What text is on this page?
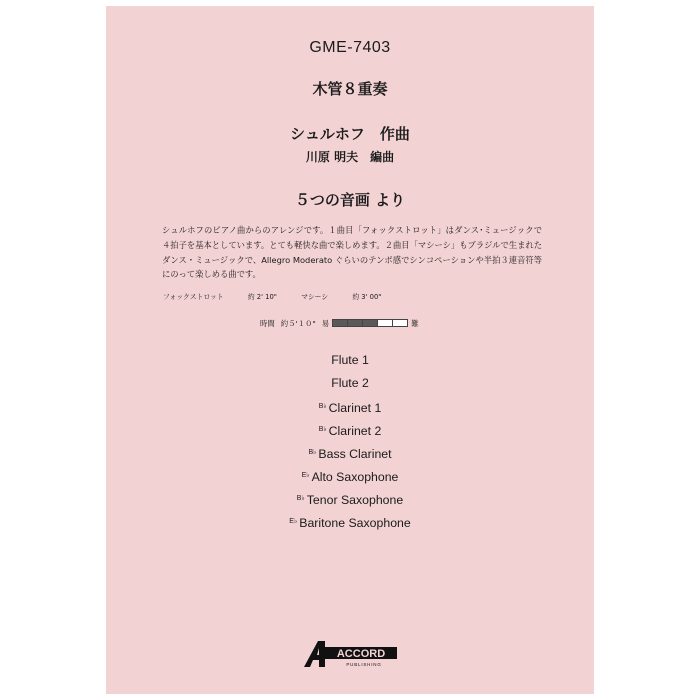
GME-7403
木管８重奏
シュルホフ　作曲
川原 明夫　編曲
５つの音画 より

シュルホフのピアノ曲からのアレンジです。１曲目「フォックストロット」はダンス･ミュージックで４拍子を基本としています。とても軽快な曲で楽しめます。２曲目「マシーシ」もブラジルで生まれたダンス・ミュージックで、Allegro Moderato ぐらいのテンポ感でシンコペーションや半拍３連音符等にのって楽しめる曲です。

フォックストロット	約 2' 10"	マシーシ	約 3' 00"
時間 約５'１０" 易	難
Flute 1
Flute 2
$^{B♭}$ Clarinet 1
$^{B♭}$ Clarinet 2
$^{B♭}$ Bass Clarinet
$^{E♭}$ Alto Saxophone
$^{B♭}$ Tenor Saxophone
$^{E♭}$ Baritone Saxophone
ACCORD
PUBLISHING
